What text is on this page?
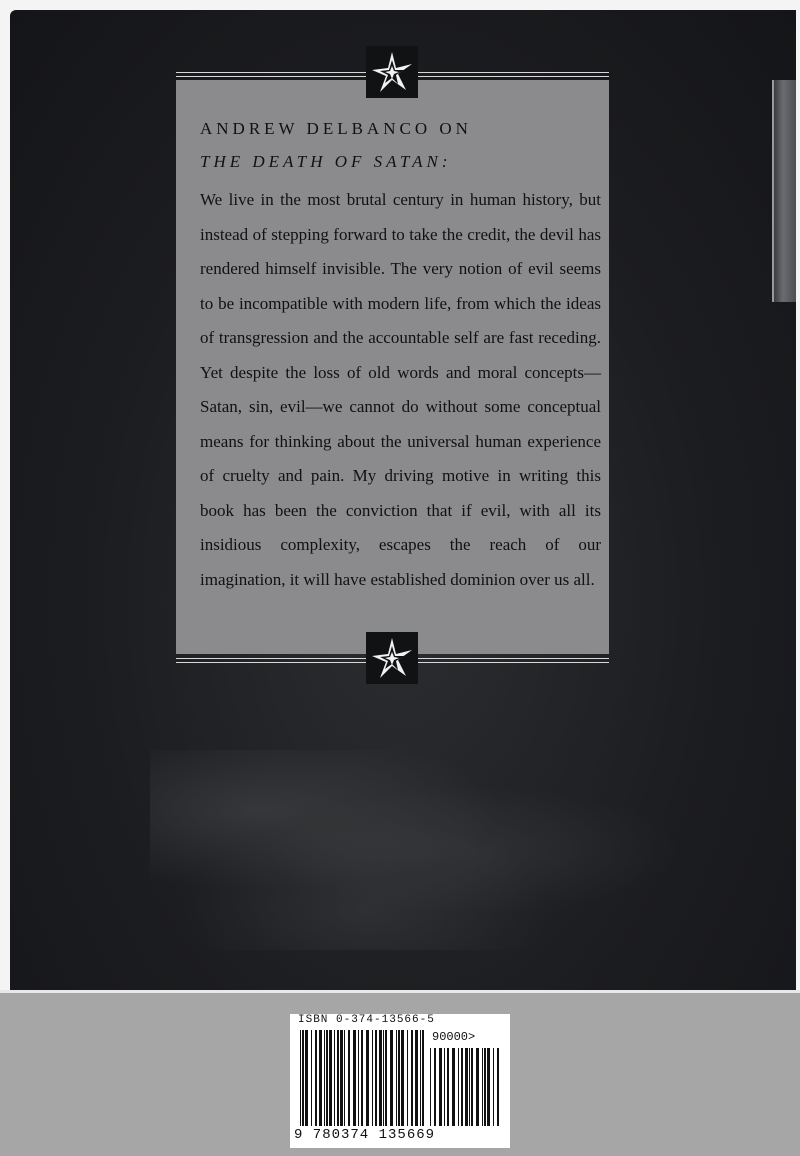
ANDREW DELBANCO ON
THE DEATH OF SATAN:
We live in the most brutal century in human history, but instead of stepping forward to take the credit, the devil has rendered himself invisible. The very notion of evil seems to be incompatible with modern life, from which the ideas of transgression and the accountable self are fast receding. Yet despite the loss of old words and moral concepts—Satan, sin, evil—we cannot do without some conceptual means for thinking about the universal human experience of cruelty and pain. My driving motive in writing this book has been the conviction that if evil, with all its insidious complexity, escapes the reach of our imagination, it will have established dominion over us all.
ISBN 0-374-13566-5
90000>
9 780374 135669
